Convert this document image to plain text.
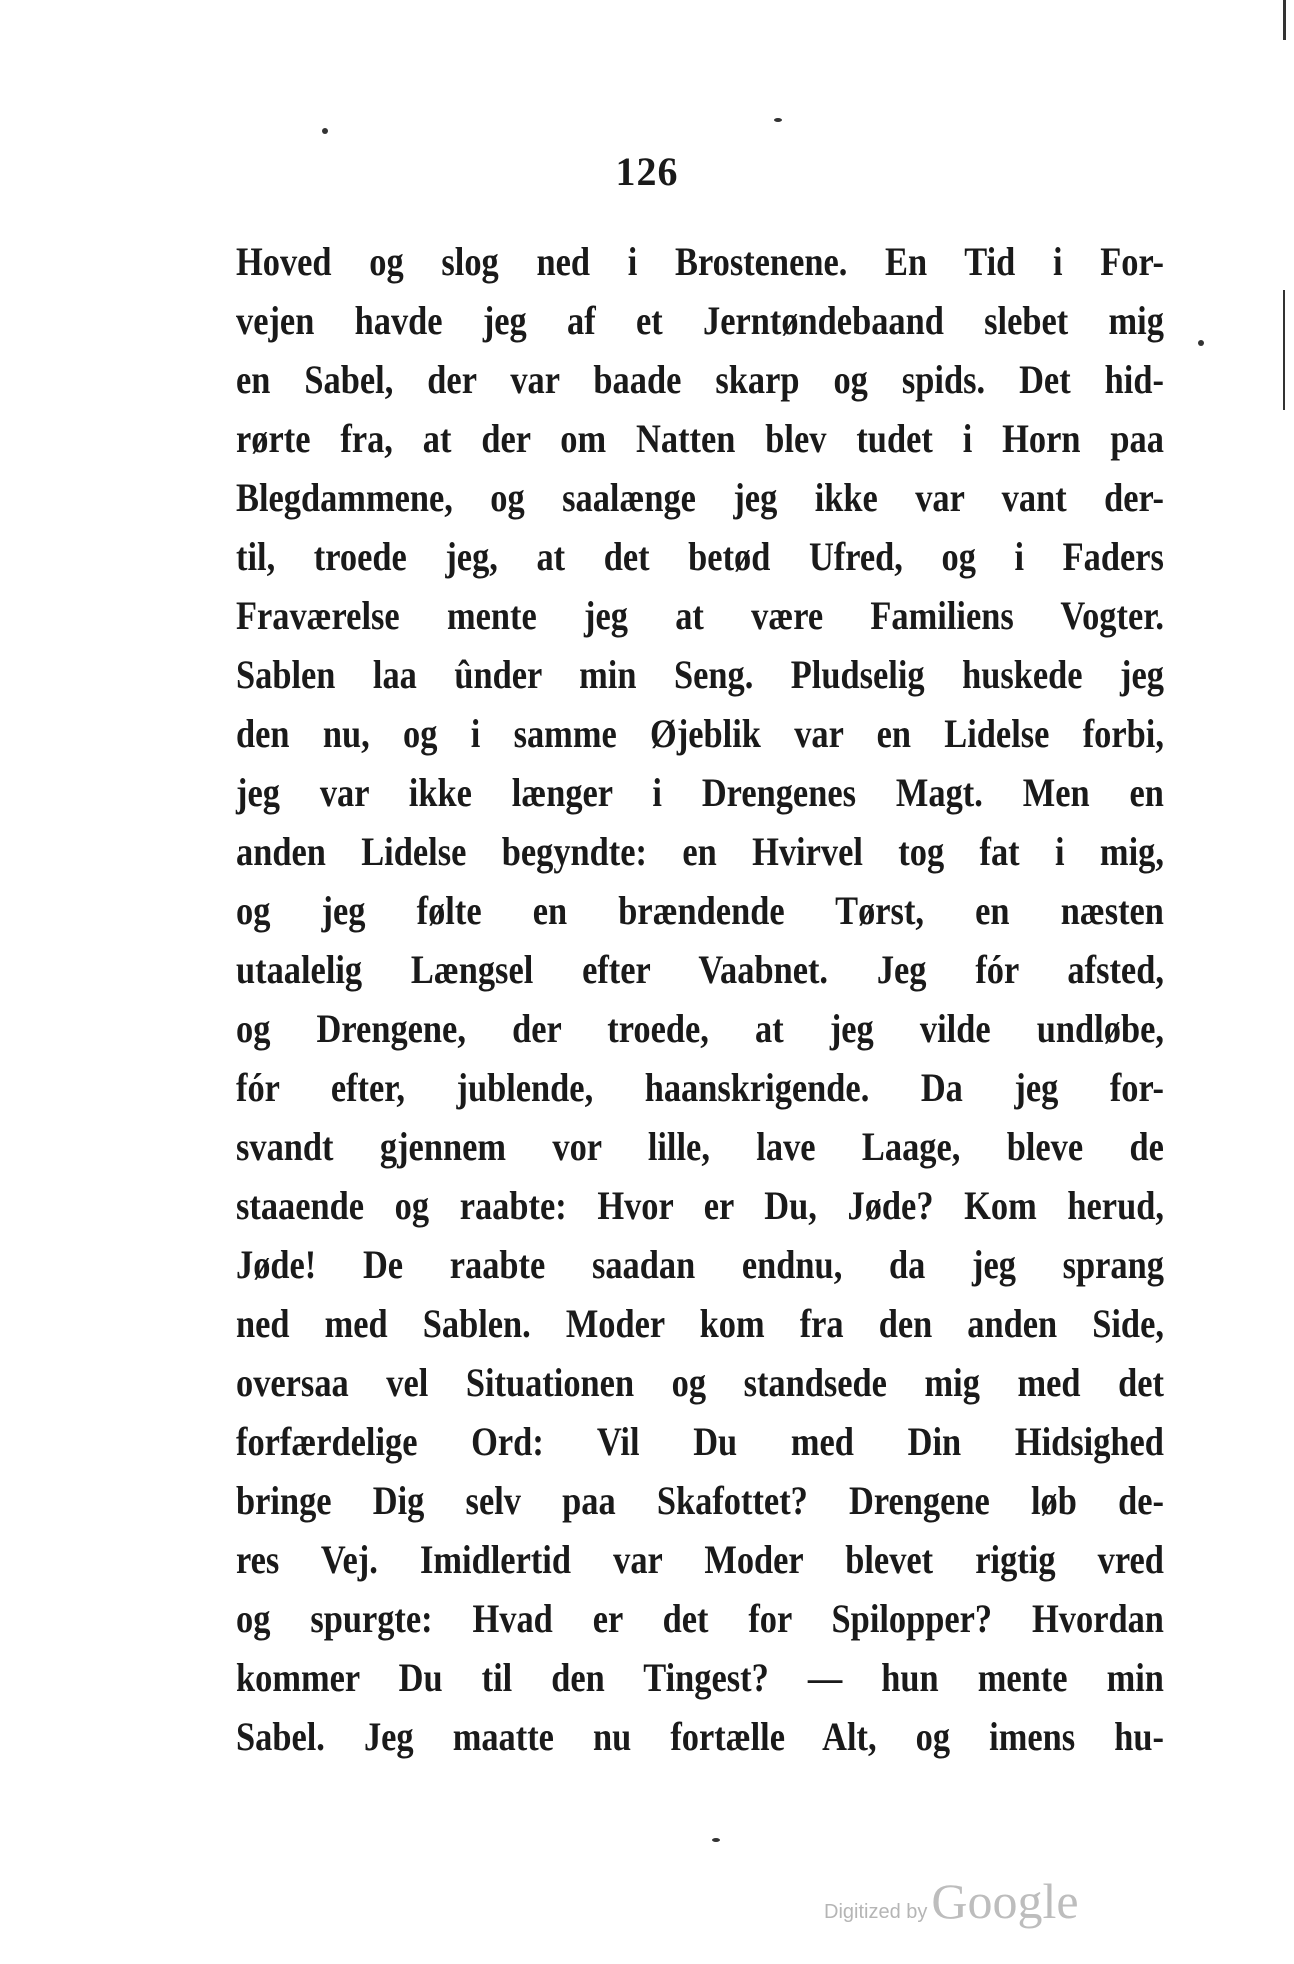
126
Hoved og slog ned i Brostenene. En Tid i For-
vejen havde jeg af et Jerntøndebaand slebet mig
en Sabel, der var baade skarp og spids. Det hid-
rørte fra, at der om Natten blev tudet i Horn paa
Blegdammene, og saalænge jeg ikke var vant der-
til, troede jeg, at det betød Ufred, og i Faders
Fraværelse mente jeg at være Familiens Vogter.
Sablen laa ûnder min Seng. Pludselig huskede jeg
den nu, og i samme Øjeblik var en Lidelse forbi,
jeg var ikke længer i Drengenes Magt. Men en
anden Lidelse begyndte: en Hvirvel tog fat i mig,
og jeg følte en brændende Tørst, en næsten
utaalelig Længsel efter Vaabnet. Jeg fór afsted,
og Drengene, der troede, at jeg vilde undløbe,
fór efter, jublende, haanskrigende. Da jeg for-
svandt gjennem vor lille, lave Laage, bleve de
staaende og raabte: Hvor er Du, Jøde? Kom herud,
Jøde! De raabte saadan endnu, da jeg sprang
ned med Sablen. Moder kom fra den anden Side,
oversaa vel Situationen og standsede mig med det
forfærdelige Ord: Vil Du med Din Hidsighed
bringe Dig selv paa Skafottet? Drengene løb de-
res Vej. Imidlertid var Moder blevet rigtig vred
og spurgte: Hvad er det for Spilopper? Hvordan
kommer Du til den Tingest? — hun mente min
Sabel. Jeg maatte nu fortælle Alt, og imens hu-
Digitized by Google
